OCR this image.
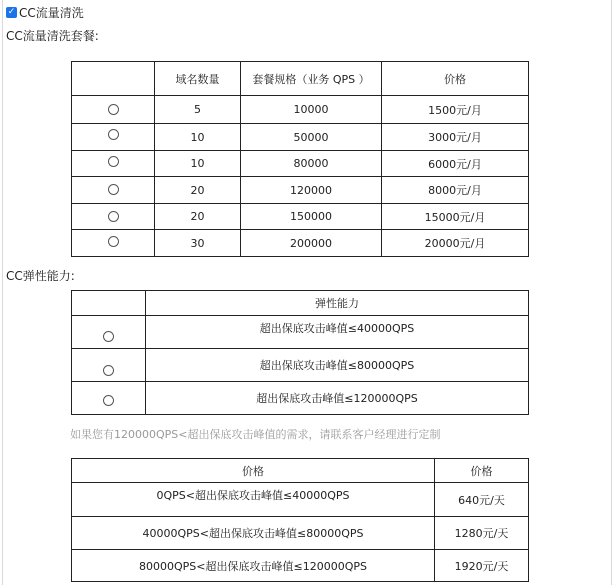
✓ CC流量清洗
CC流量清洗套餐:
	域名数量	套餐规格（业务 QPS ）	价格
	5	10000	1500元/月
	10	50000	3000元/月
	10	80000	6000元/月
	20	120000	8000元/月
	20	150000	15000元/月
	30	200000	20000元/月
CC弹性能力:
	弹性能力
	超出保底攻击峰值≤40000QPS
	超出保底攻击峰值≤80000QPS
	超出保底攻击峰值≤120000QPS
如果您有120000QPS<超出保底攻击峰值的需求，请联系客户经理进行定制
价格	价格
0QPS<超出保底攻击峰值≤40000QPS	640元/天
40000QPS<超出保底攻击峰值≤80000QPS	1280元/天
80000QPS<超出保底攻击峰值≤120000QPS	1920元/天
